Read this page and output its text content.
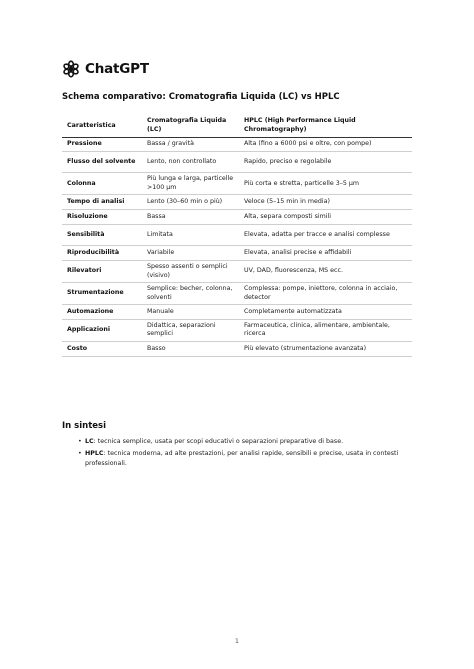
ChatGPT
Schema comparativo: Cromatografia Liquida (LC) vs HPLC
Caratteristica	Cromatografia Liquida (LC)	HPLC (High Performance Liquid Chromatography)
Pressione	Bassa / gravità	Alta (fino a 6000 psi e oltre, con pompe)
Flusso del solvente	Lento, non controllato	Rapido, preciso e regolabile
Colonna	Più lunga e larga, particelle >100 µm	Più corta e stretta, particelle 3–5 µm
Tempo di analisi	Lento (30–60 min o più)	Veloce (5–15 min in media)
Risoluzione	Bassa	Alta, separa composti simili
Sensibilità	Limitata	Elevata, adatta per tracce e analisi complesse
Riproducibilità	Variabile	Elevata, analisi precise e affidabili
Rilevatori	Spesso assenti o semplici (visivo)	UV, DAD, fluorescenza, MS ecc.
Strumentazione	Semplice: becher, colonna, solventi	Complessa: pompe, iniettore, colonna in acciaio, detector
Automazione	Manuale	Completamente automatizzata
Applicazioni	Didattica, separazioni semplici	Farmaceutica, clinica, alimentare, ambientale, ricerca
Costo	Basso	Più elevato (strumentazione avanzata)
In sintesi
• LC: tecnica semplice, usata per scopi educativi o separazioni preparative di base.
• HPLC: tecnica moderna, ad alte prestazioni, per analisi rapide, sensibili e precise, usata in contesti professionali.
1
